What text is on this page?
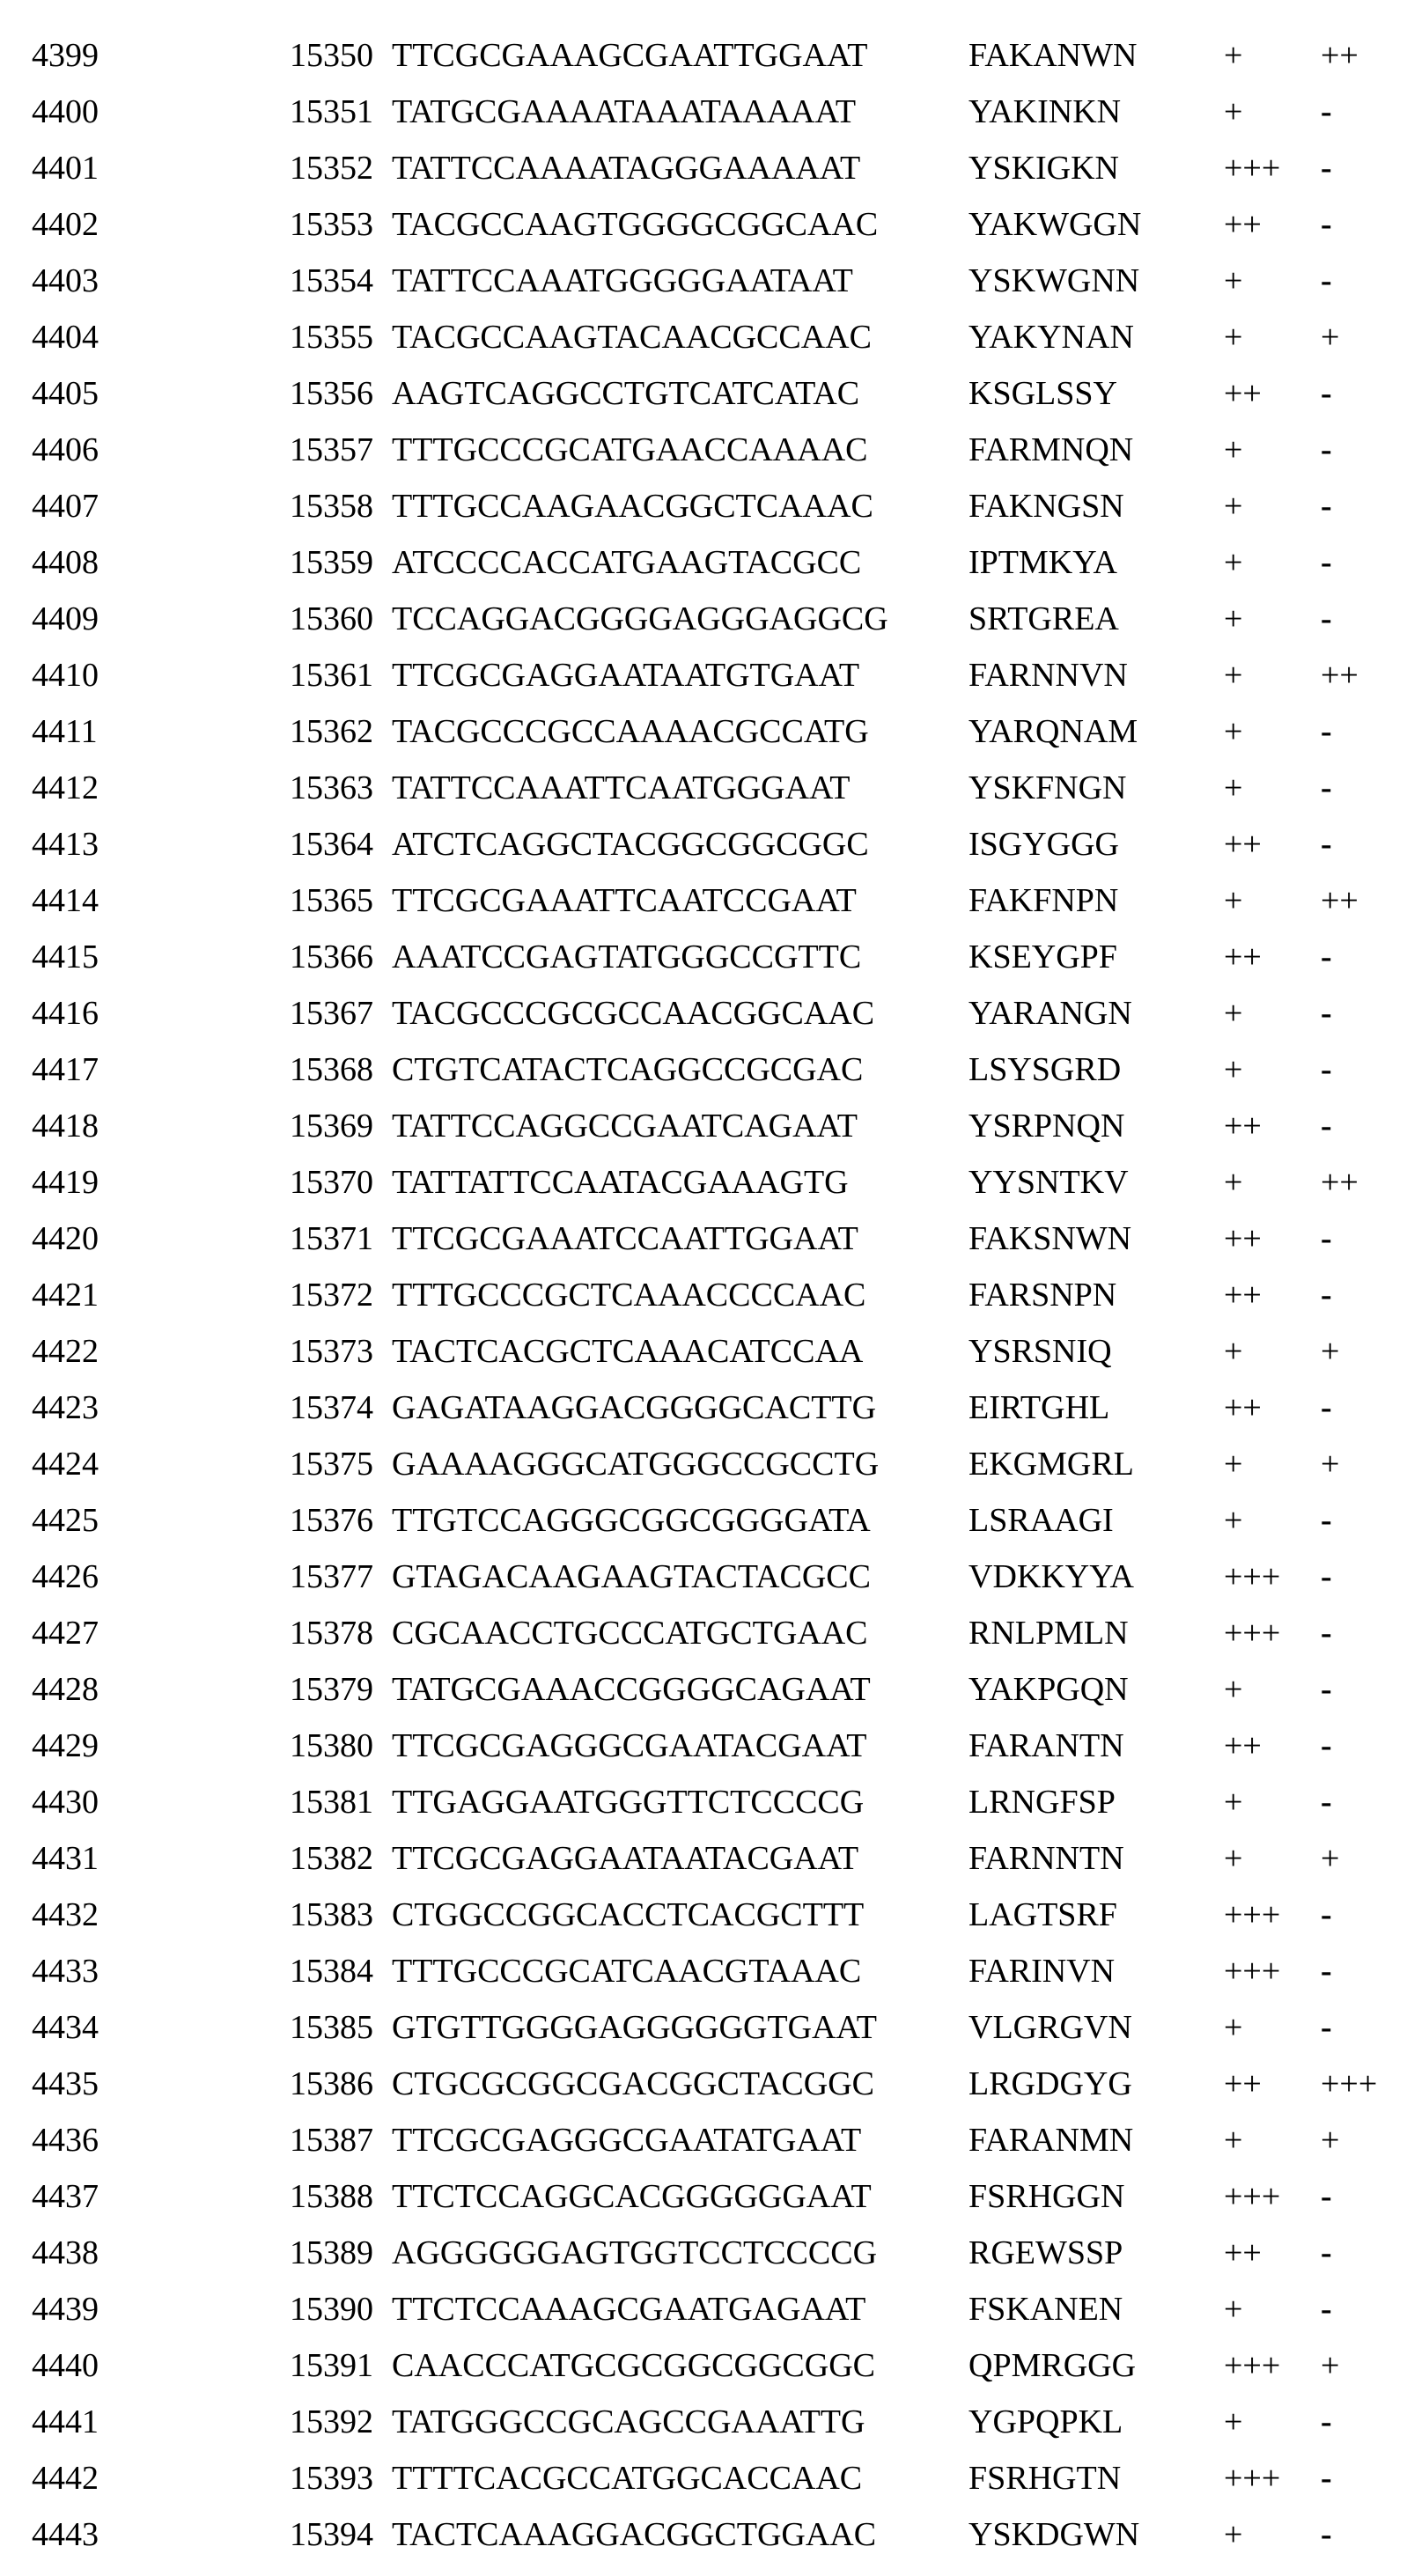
4399	15350 TTCGCGAAAGCGAATTGGAAT	FAKANWN	+ ++
4400	15351 TATGCGAAAATAAATAAAAAT	YAKINKN	+ -
4401	15352 TATTCCAAAATAGGGAAAAAT	YSKIGKN	+++ -
4402	15353 TACGCCAAGTGGGGCGGCAAC	YAKWGGN ++ -
4403	15354 TATTCCAAATGGGGGAATAAT	YSKWGNN	+ -
4404	15355 TACGCCAAGTACAACGCCAAC	YAKYNAN	+ +
4405	15356 AAGTCAGGCCTGTCATCATAC	KSGLSSY	++ -
4406	15357 TTTGCCCGCATGAACCAAAAC	FARMNQN	+ -
4407	15358 TTTGCCAAGAACGGCTCAAAC	FAKNGSN	+ -
4408	15359 ATCCCCACCATGAAGTACGCC	IPTMKYA	+ -
4409	15360 TCCAGGACGGGGAGGGAGGCG SRTGREA	+ -
4410	15361 TTCGCGAGGAATAATGTGAAT	FARNNVN	+ ++
4411	15362 TACGCCCGCCAAAACGCCATG	YARQNAM	+ -
4412	15363 TATTCCAAATTCAATGGGAAT	YSKFNGN	+ -
4413	15364 ATCTCAGGCTACGGCGGCGGC	ISGYGGG	++ -
4414	15365 TTCGCGAAATTCAATCCGAAT	FAKFNPN	+ ++
4415	15366 AAATCCGAGTATGGGCCGTTC	KSEYGPF	++ -
4416	15367 TACGCCCGCGCCAACGGCAAC	YARANGN	+ -
4417	15368 CTGTCATACTCAGGCCGCGAC	LSYSGRD	+ -
4418	15369 TATTCCAGGCCGAATCAGAAT	YSRPNQN	++ -
4419	15370 TATTATTCCAATACGAAAGTG	YYSNTKV	+ ++
4420	15371 TTCGCGAAATCCAATTGGAAT	FAKSNWN	++ -
4421	15372 TTTGCCCGCTCAAACCCCAAC	FARSNPN	++ -
4422	15373 TACTCACGCTCAAACATCCAA	YSRSNIQ	+ +
4423	15374 GAGATAAGGACGGGGCACTTG	EIRTGHL	++ -
4424	15375 GAAAAGGGCATGGGCCGCCTG	EKGMGRL	+ +
4425	15376 TTGTCCAGGGCGGCGGGGATA	LSRAAGI	+ -
4426	15377 GTAGACAAGAAGTACTACGCC	VDKKYYA	+++ -
4427	15378 CGCAACCTGCCCATGCTGAAC	RNLPMLN	+++ -
4428	15379 TATGCGAAACCGGGGCAGAAT	YAKPGQN	+ -
4429	15380 TTCGCGAGGGCGAATACGAAT	FARANTN	++ -
4430	15381 TTGAGGAATGGGTTCTCCCCG	LRNGFSP	+ -
4431	15382 TTCGCGAGGAATAATACGAAT	FARNNTN	+ +
4432	15383 CTGGCCGGCACCTCACGCTTT	LAGTSRF	+++ -
4433	15384 TTTGCCCGCATCAACGTAAAC	FARINVN	+++ -
4434	15385 GTGTTGGGGAGGGGGGTGAAT	VLGRGVN	+ -
4435	15386 CTGCGCGGCGACGGCTACGGC	LRGDGYG	++ +++
4436	15387 TTCGCGAGGGCGAATATGAAT	FARANMN	+ +
4437	15388 TTCTCCAGGCACGGGGGGAAT	FSRHGGN	+++ -
4438	15389 AGGGGGGAGTGGTCCTCCCCG	RGEWSSP	++ -
4439	15390 TTCTCCAAAGCGAATGAGAAT	FSKANEN	+ -
4440	15391 CAACCCATGCGCGGCGGCGGC	QPMRGGG	+++ +
4441	15392 TATGGGCCGCAGCCGAAATTG	YGPQPKL	+ -
4442	15393 TTTTCACGCCATGGCACCAAC	FSRHGTN	+++ -
4443	15394 TACTCAAAGGACGGCTGGAAC	YSKDGWN	+ -
